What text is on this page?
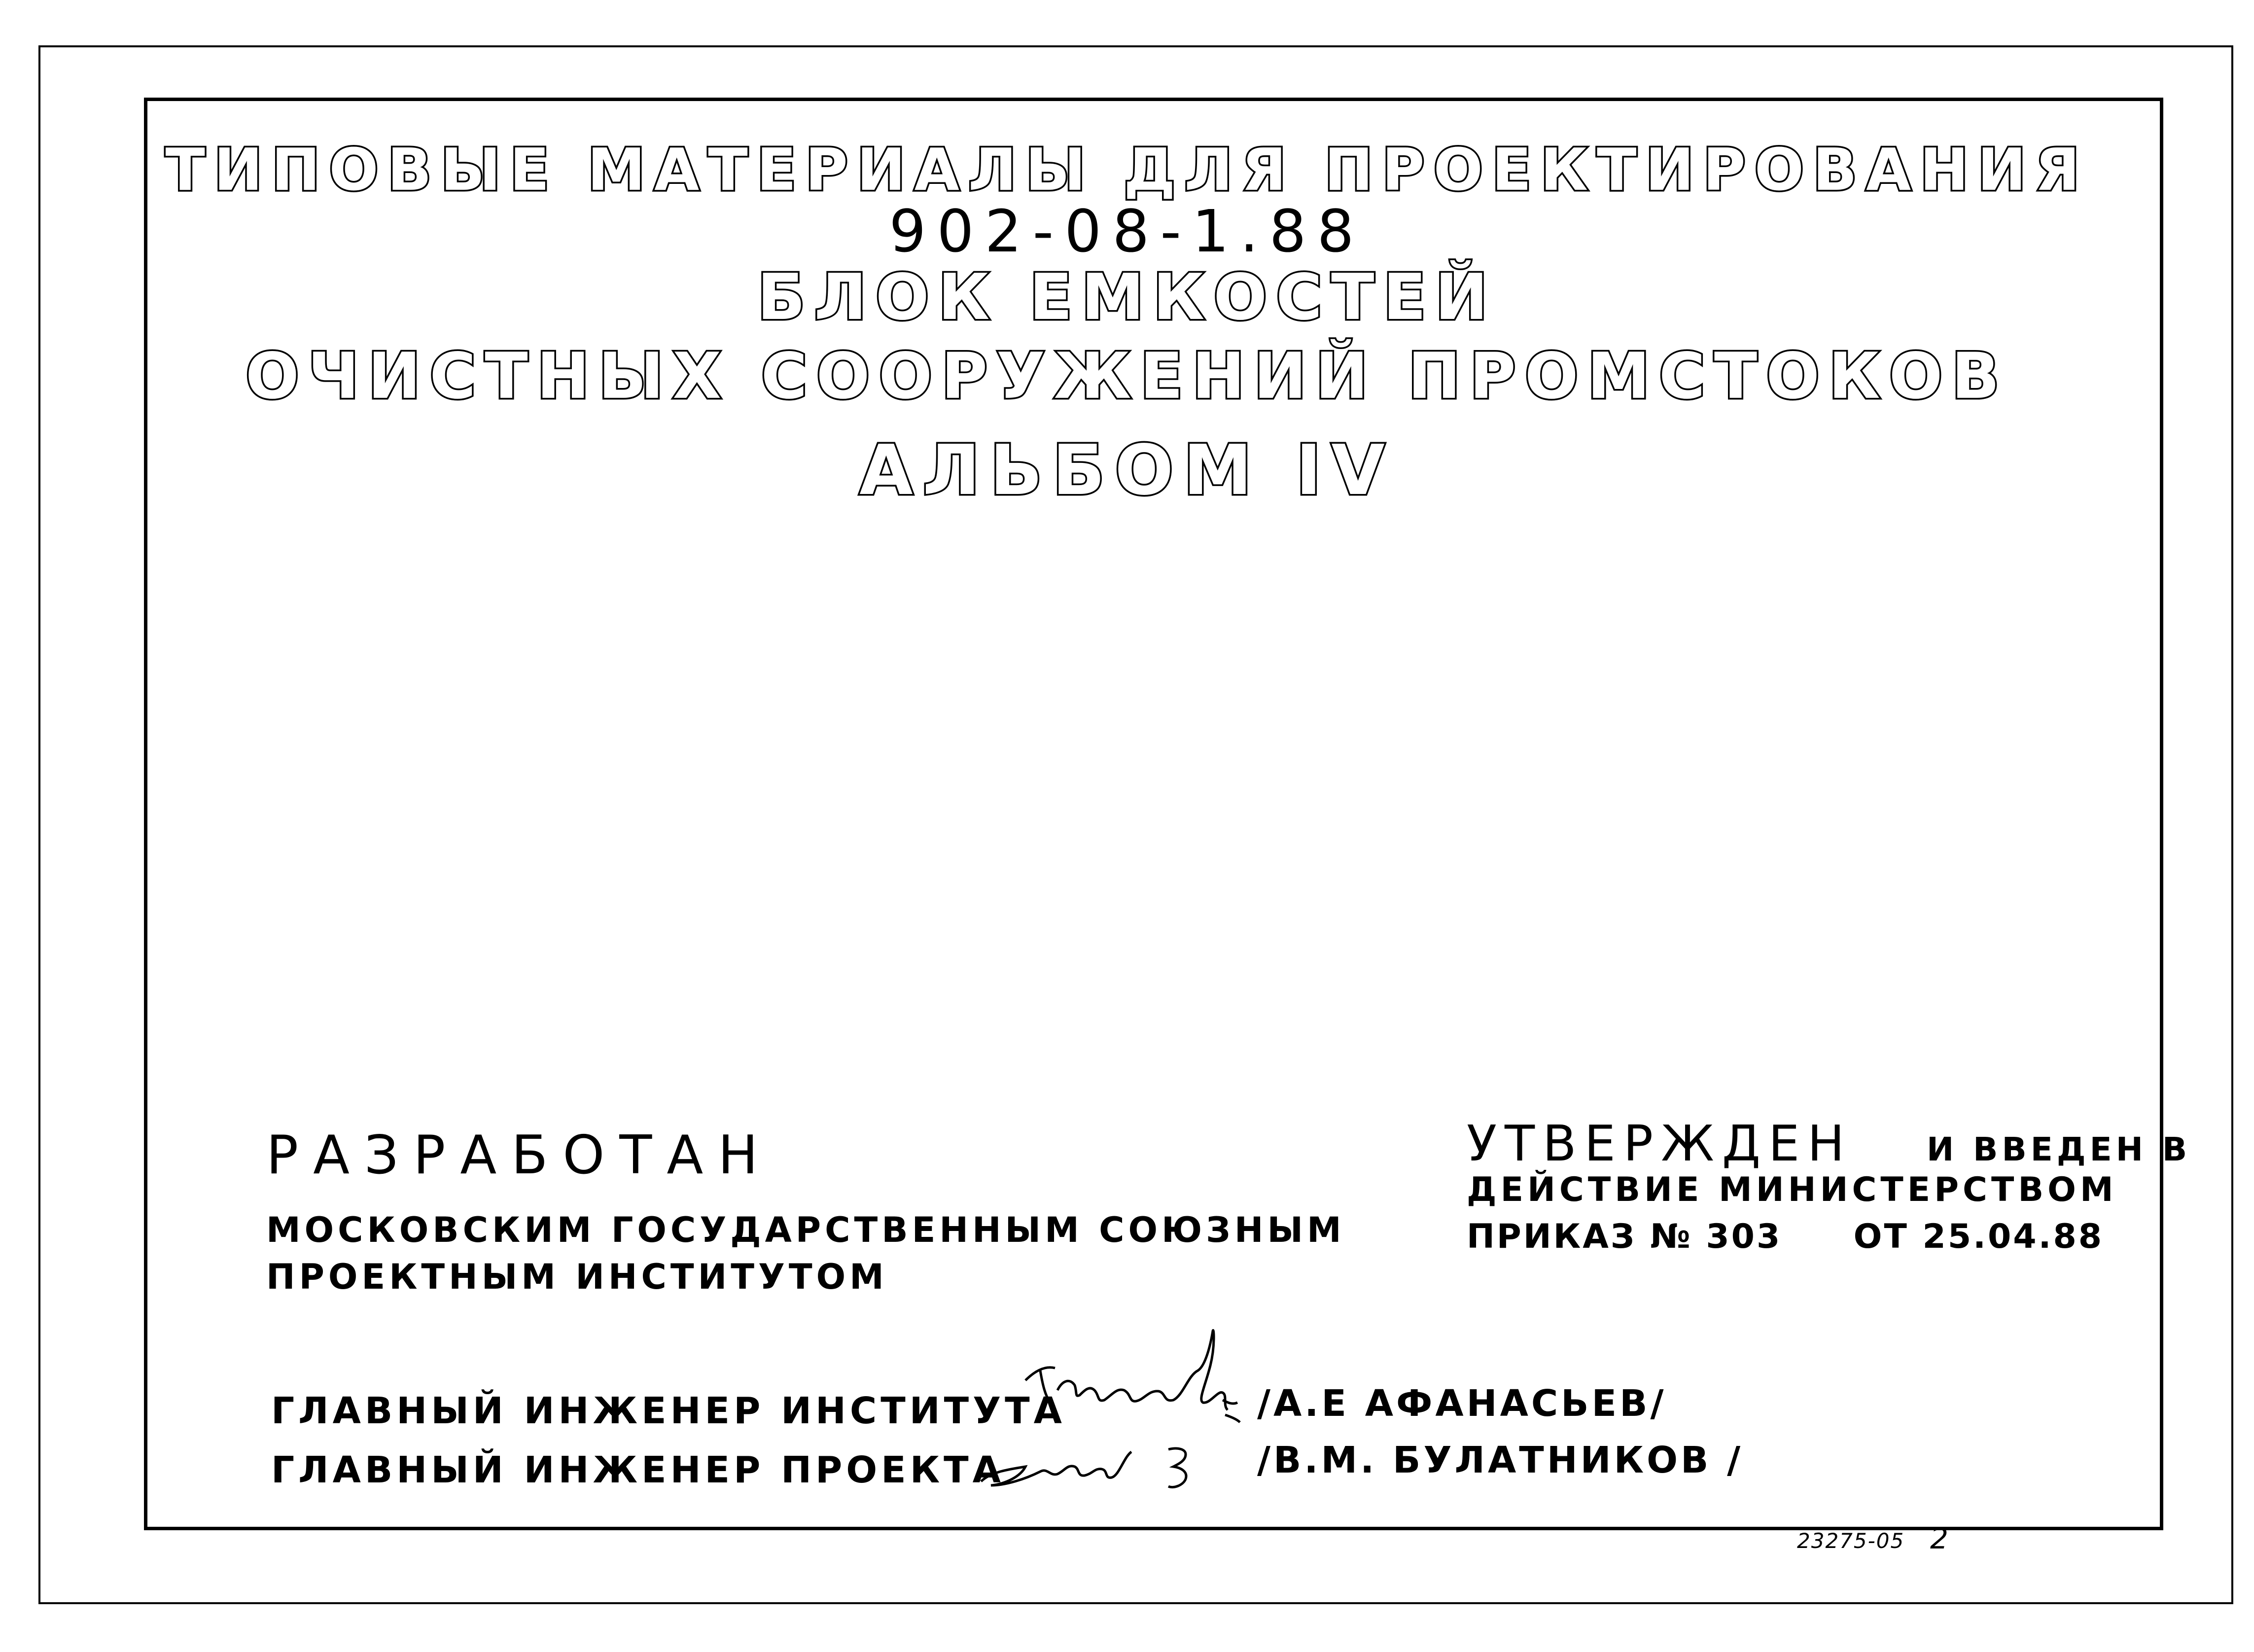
ТИПОВЫЕ МАТЕРИАЛЫ ДЛЯ ПРОЕКТИРОВАНИЯ
902-08-1.88
БЛОК ЕМКОСТЕЙ
ОЧИСТНЫХ СООРУЖЕНИЙ ПРОМСТОКОВ
АЛЬБОМ IV
РАЗРАБОТАН
МОСКОВСКИМ ГОСУДАРСТВЕННЫМ СОЮЗНЫМ
ПРОЕКТНЫМ ИНСТИТУТОМ
УТВЕРЖДЕН И ВВЕДЕН В
ДЕЙСТВИЕ МИНИСТЕРСТВОМ
ПРИКАЗ № 303 ОТ 25.04.88
ГЛАВНЫЙ ИНЖЕНЕР ИНСТИТУТА
ГЛАВНЫЙ ИНЖЕНЕР ПРОЕКТА
/А.Е АФАНАСЬЕВ/
/В.М. БУЛАТНИКОВ /
23275-05 2
